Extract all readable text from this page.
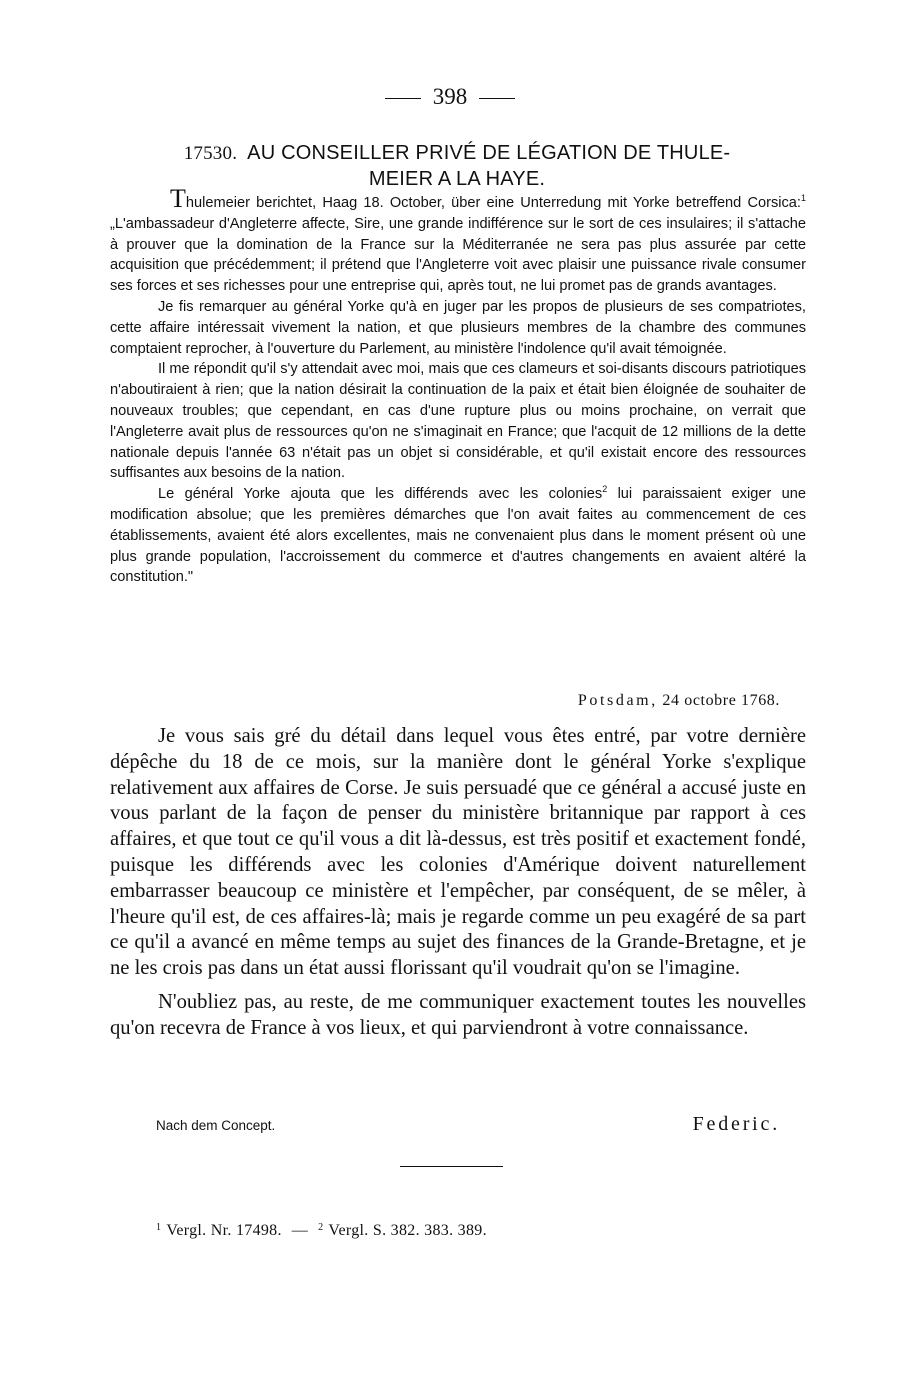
398
17530. AU CONSEILLER PRIVÉ DE LÉGATION DE THULE-
MEIER A LA HAYE.

Thulemeier berichtet, Haag 18. October, über eine Unterredung mit Yorke betreffend Corsica:$^1$ „L'ambassadeur d'Angleterre affecte, Sire, une grande indifférence sur le sort de ces insulaires; il s'attache à prouver que la domination de la France sur la Méditerranée ne sera pas plus assurée par cette acquisition que précédemment; il prétend que l'Angleterre voit avec plaisir une puissance rivale consumer ses forces et ses richesses pour une entreprise qui, après tout, ne lui promet pas de grands avantages.

Je fis remarquer au général Yorke qu'à en juger par les propos de plusieurs de ses compatriotes, cette affaire intéressait vivement la nation, et que plusieurs membres de la chambre des communes comptaient reprocher, à l'ouverture du Parlement, au ministère l'indolence qu'il avait témoignée.

Il me répondit qu'il s'y attendait avec moi, mais que ces clameurs et soi-disants discours patriotiques n'aboutiraient à rien; que la nation désirait la continuation de la paix et était bien éloignée de souhaiter de nouveaux troubles; que cependant, en cas d'une rupture plus ou moins prochaine, on verrait que l'Angleterre avait plus de ressources qu'on ne s'imaginait en France; que l'acquit de 12 millions de la dette nationale depuis l'année 63 n'était pas un objet si considérable, et qu'il existait encore des ressources suffisantes aux besoins de la nation.

Le général Yorke ajouta que les différends avec les colonies$^2$ lui paraissaient exiger une modification absolue; que les premières démarches que l'on avait faites au commencement de ces établissements, avaient été alors excellentes, mais ne convenaient plus dans le moment présent où une plus grande population, l'accroissement du commerce et d'autres changements en avaient altéré la constitution."

Potsdam, 24 octobre 1768.

Je vous sais gré du détail dans lequel vous êtes entré, par votre dernière dépêche du 18 de ce mois, sur la manière dont le général Yorke s'explique relativement aux affaires de Corse. Je suis persuadé que ce général a accusé juste en vous parlant de la façon de penser du ministère britannique par rapport à ces affaires, et que tout ce qu'il vous a dit là-dessus, est très positif et exactement fondé, puisque les différends avec les colonies d'Amérique doivent naturellement embarrasser beaucoup ce ministère et l'empêcher, par conséquent, de se mêler, à l'heure qu'il est, de ces affaires-là; mais je regarde comme un peu exagéré de sa part ce qu'il a avancé en même temps au sujet des finances de la Grande-Bretagne, et je ne les crois pas dans un état aussi florissant qu'il voudrait qu'on se l'imagine.

N'oubliez pas, au reste, de me communiquer exactement toutes les nouvelles qu'on recevra de France à vos lieux, et qui parviendront à votre connaissance.

Nach dem Concept.	Federic.
$^1$ Vergl. Nr. 17498. — $^2$ Vergl. S. 382. 383. 389.
